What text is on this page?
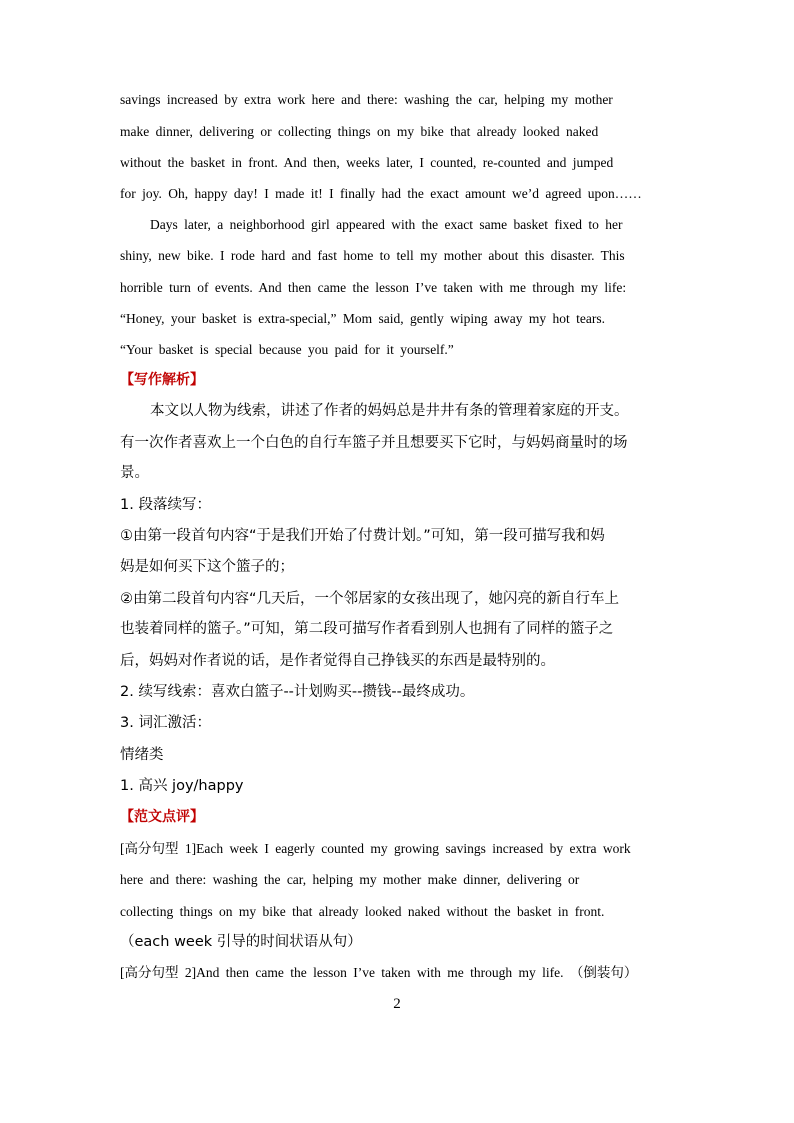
savings increased by extra work here and there: washing the car, helping my mother
make dinner, delivering or collecting things on my bike that already looked naked
without the basket in front. And then, weeks later, I counted, re-counted and jumped
for joy. Oh, happy day! I made it! I finally had the exact amount we’d agreed upon……
Days later, a neighborhood girl appeared with the exact same basket fixed to her
shiny, new bike. I rode hard and fast home to tell my mother about this disaster. This
horrible turn of events. And then came the lesson I’ve taken with me through my life:
“Honey, your basket is extra-special,” Mom said, gently wiping away my hot tears.
“Your basket is special because you paid for it yourself.”
【写作解析】
本文以人物为线索，讲述了作者的妈妈总是井井有条的管理着家庭的开支。
有一次作者喜欢上一个白色的自行车篮子并且想要买下它时，与妈妈商量时的场
景。
1. 段落续写：
①由第一段首句内容“于是我们开始了付费计划。”可知，第一段可描写我和妈
妈是如何买下这个篮子的；
②由第二段首句内容“几天后，一个邻居家的女孩出现了，她闪亮的新自行车上
也装着同样的篮子。”可知，第二段可描写作者看到别人也拥有了同样的篮子之
后，妈妈对作者说的话，是作者觉得自己挣钱买的东西是最特别的。
2. 续写线索：喜欢白篮子--计划购买--攒钱--最终成功。
3. 词汇激活：
情绪类
1. 高兴 joy/happy
【范文点评】
[高分句型 1]Each week I eagerly counted my growing savings increased by extra work
here and there: washing the car, helping my mother make dinner, delivering or
collecting things on my bike that already looked naked without the basket in front.
（each week 引导的时间状语从句）
[高分句型 2]And then came the lesson I’ve taken with me through my life. （倒装句）
2
